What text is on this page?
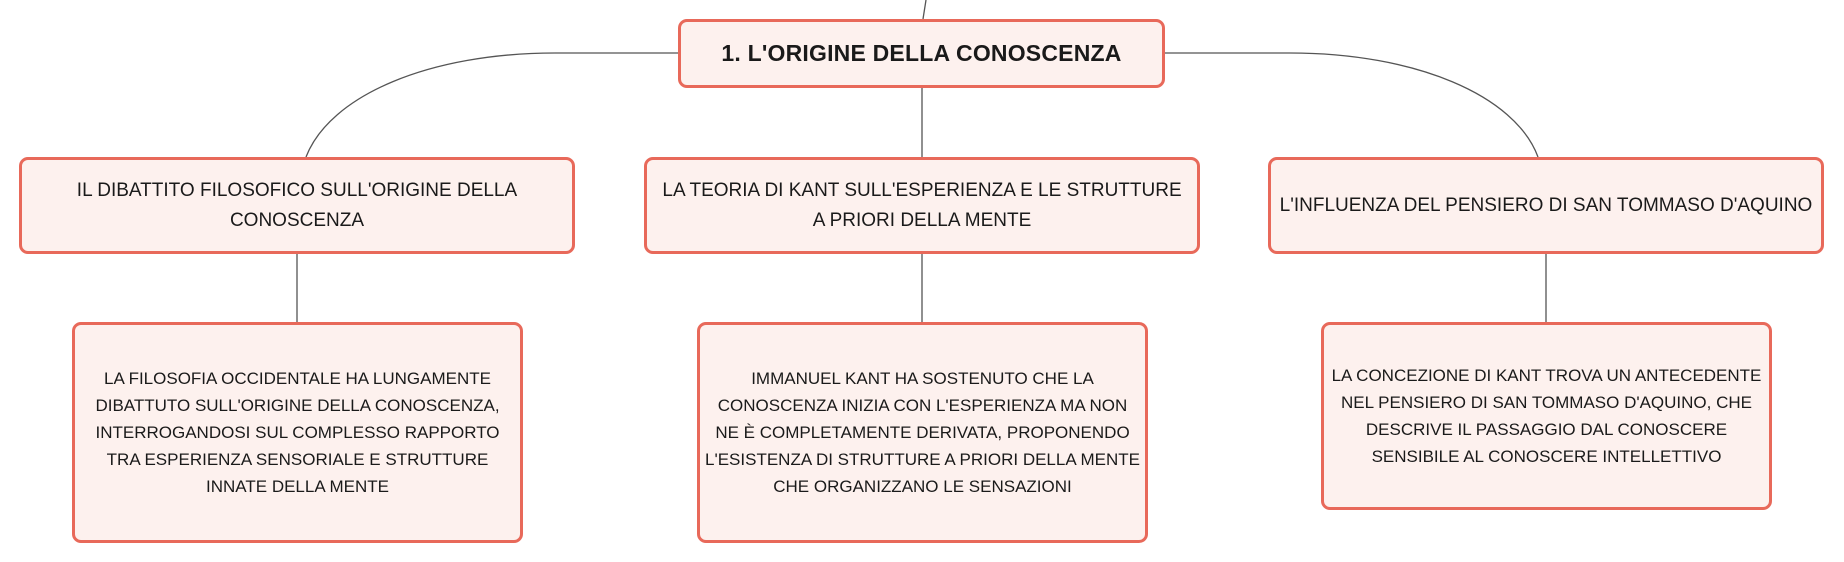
1. L'ORIGINE DELLA CONOSCENZA
IL DIBATTITO FILOSOFICO SULL'ORIGINE DELLA CONOSCENZA
LA TEORIA DI KANT SULL'ESPERIENZA E LE STRUTTURE A PRIORI DELLA MENTE
L'INFLUENZA DEL PENSIERO DI SAN TOMMASO D'AQUINO
LA FILOSOFIA OCCIDENTALE HA LUNGAMENTE DIBATTUTO SULL'ORIGINE DELLA CONOSCENZA, INTERROGANDOSI SUL COMPLESSO RAPPORTO TRA ESPERIENZA SENSORIALE E STRUTTURE INNATE DELLA MENTE
IMMANUEL KANT HA SOSTENUTO CHE LA CONOSCENZA INIZIA CON L'ESPERIENZA MA NON NE È COMPLETAMENTE DERIVATA, PROPONENDO L'ESISTENZA DI STRUTTURE A PRIORI DELLA MENTE CHE ORGANIZZANO LE SENSAZIONI
LA CONCEZIONE DI KANT TROVA UN ANTECEDENTE NEL PENSIERO DI SAN TOMMASO D'AQUINO, CHE DESCRIVE IL PASSAGGIO DAL CONOSCERE SENSIBILE AL CONOSCERE INTELLETTIVO
